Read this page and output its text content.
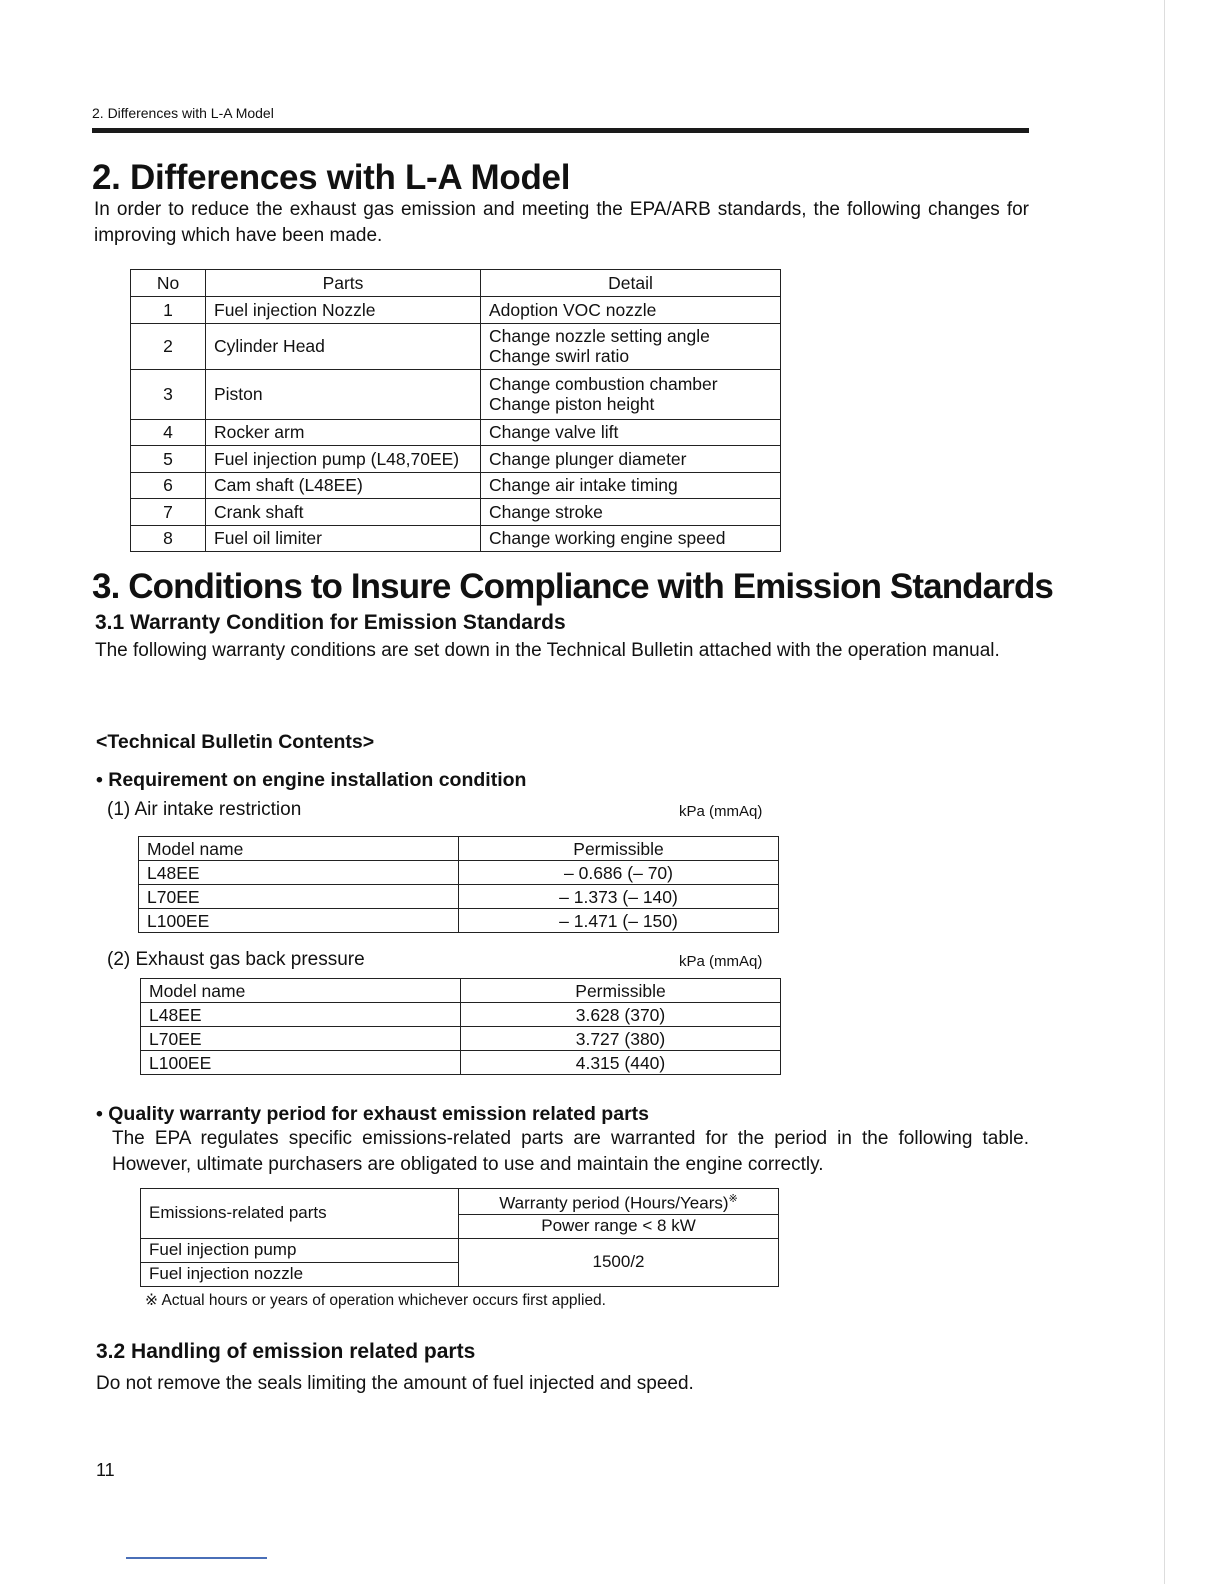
2. Differences with L-A Model
2. Differences with L-A Model
In order to reduce the exhaust gas emission and meeting the EPA/ARB standards, the following changes for improving which have been made.
No	Parts	Detail
1	Fuel injection Nozzle	Adoption VOC nozzle

2	Cylinder Head	Change nozzle setting angle
Change swirl ratio

3	Piston	Change combustion chamber
Change piston height

4	Rocker arm	Change valve lift

5	Fuel injection pump (L48,70EE)	Change plunger diameter

6	Cam shaft (L48EE)	Change air intake timing

7	Crank shaft	Change stroke

8	Fuel oil limiter	Change working engine speed
3. Conditions to Insure Compliance with Emission Standards
3.1 Warranty Condition for Emission Standards
The following warranty conditions are set down in the Technical Bulletin attached with the operation manual.
<Technical Bulletin Contents>
• Requirement on engine installation condition
(1) Air intake restriction	kPa (mmAq)
Model name	Permissible
L48EE	– 0.686 (– 70)
L70EE	– 1.373 (– 140)
L100EE	– 1.471 (– 150)
(2) Exhaust gas back pressure	kPa (mmAq)
Model name	Permissible
L48EE	3.628 (370)
L70EE	3.727 (380)
L100EE	4.315 (440)
• Quality warranty period for exhaust emission related parts
The EPA regulates specific emissions-related parts are warranted for the period in the following table. However, ultimate purchasers are obligated to use and maintain the engine correctly.
Emissions-related parts	Warranty period (Hours/Years)※
	Power range < 8 kW
Fuel injection pump	1500/2
Fuel injection nozzle	
※ Actual hours or years of operation whichever occurs first applied.
3.2 Handling of emission related parts
Do not remove the seals limiting the amount of fuel injected and speed.
11
